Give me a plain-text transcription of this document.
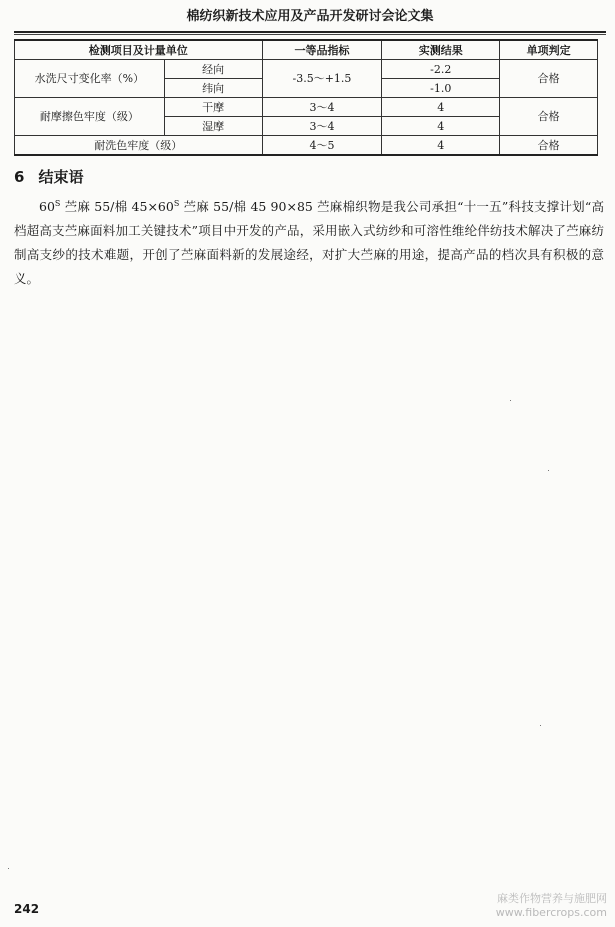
棉纺织新技术应用及产品开发研讨会论文集
检测项目及计量单位		一等品指标	实测结果	单项判定
水洗尺寸变化率（%）	经向	-3.5～+1.5	-2.2	合格
	纬向		-1.0	
耐摩擦色牢度（级）	干摩	3～4	4	合格
	湿摩	3～4	4	
耐洗色牢度（级）		4～5	4	合格
6 结束语

$60^S$ 苎麻 55/棉 $45\times 60^S$ 苎麻 55/棉 45 90×85 苎麻棉织物是我公司承担“十一五”科技支撑计划“高档超高支苎麻面料加工关键技术”项目中开发的产品，采用嵌入式纺纱和可溶性维纶伴纺技术解决了苎麻纺制高支纱的技术难题，开创了苎麻面料新的发展途经，对扩大苎麻的用途，提高产品的档次具有积极的意义。

242
麻类作物营养与施肥网
www.fibercrops.com
